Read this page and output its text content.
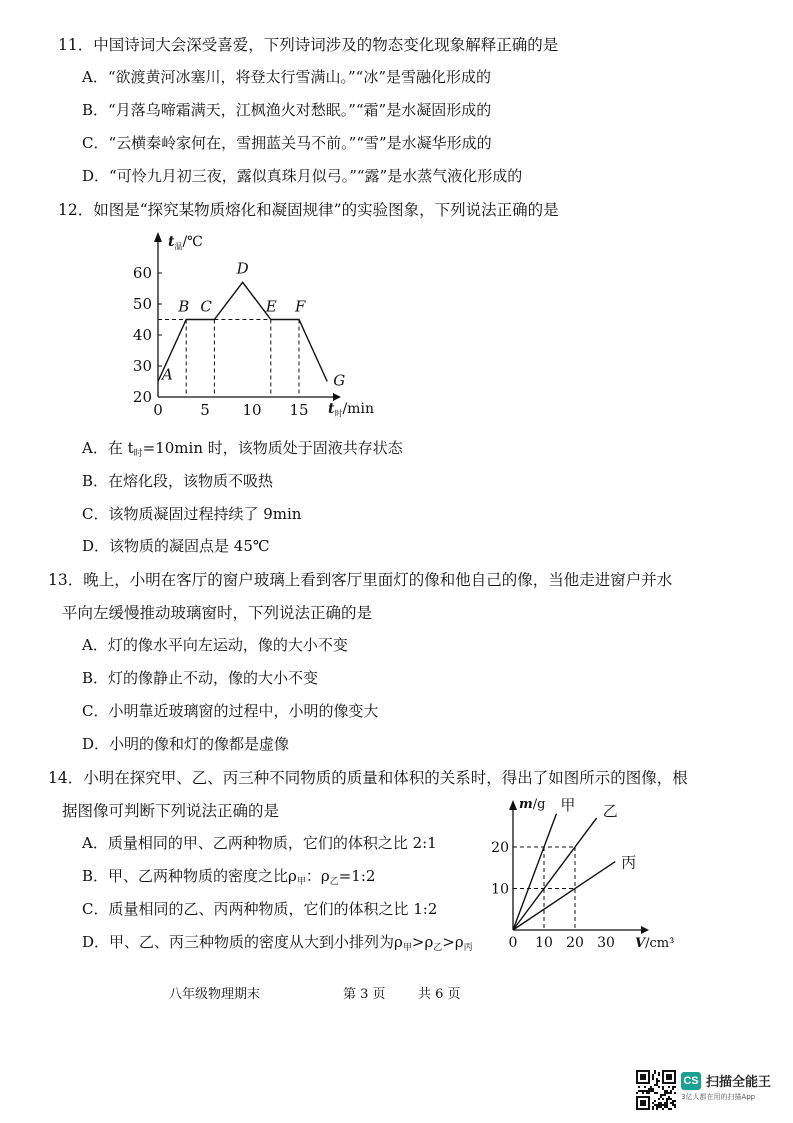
11．中国诗词大会深受喜爱，下列诗词涉及的物态变化现象解释正确的是
A．“欲渡黄河冰塞川，将登太行雪满山。”“冰”是雪融化形成的
B．“月落乌啼霜满天，江枫渔火对愁眠。”“霜”是水凝固形成的
C．“云横秦岭家何在，雪拥蓝关马不前。”“雪”是水凝华形成的
D．“可怜九月初三夜，露似真珠月似弓。”“露”是水蒸气液化形成的
12．如图是“探究某物质熔化和凝固规律”的实验图象，下列说法正确的是
20
30
40
50
60
0 5 10 15
A
B C
D
E F
G
$t_温/℃$
$t_时/\min$
A．在 $t_时=10\min$ 时，该物质处于固液共存状态
B．在熔化段，该物质不吸热
C．该物质凝固过程持续了 9min
D．该物质的凝固点是 45℃
13．晚上，小明在客厅的窗户玻璃上看到客厅里面灯的像和他自己的像，当他走进窗户并水
平向左缓慢推动玻璃窗时，下列说法正确的是
A．灯的像水平向左运动，像的大小不变
B．灯的像静止不动，像的大小不变
C．小明靠近玻璃窗的过程中，小明的像变大
D．小明的像和灯的像都是虚像
14．小明在探究甲、乙、丙三种不同物质的质量和体积的关系时，得出了如图所示的图像，根
据图像可判断下列说法正确的是
A．质量相同的甲、乙两种物质，它们的体积之比 2:1
B．甲、乙两种物质的密度之比$\rho_甲$：$\rho_乙=1:2$
C．质量相同的乙、丙两种物质，它们的体积之比 1:2
D．甲、乙、丙三种物质的密度从大到小排列为$\rho_甲>\rho_乙>\rho_丙$	0 10 20 30
10
20
甲 乙
丙
m/g
V/cm³
八年级物理期末	第 3 页 共 6 页
CS 扫描全能王
3亿人都在用的扫描App
